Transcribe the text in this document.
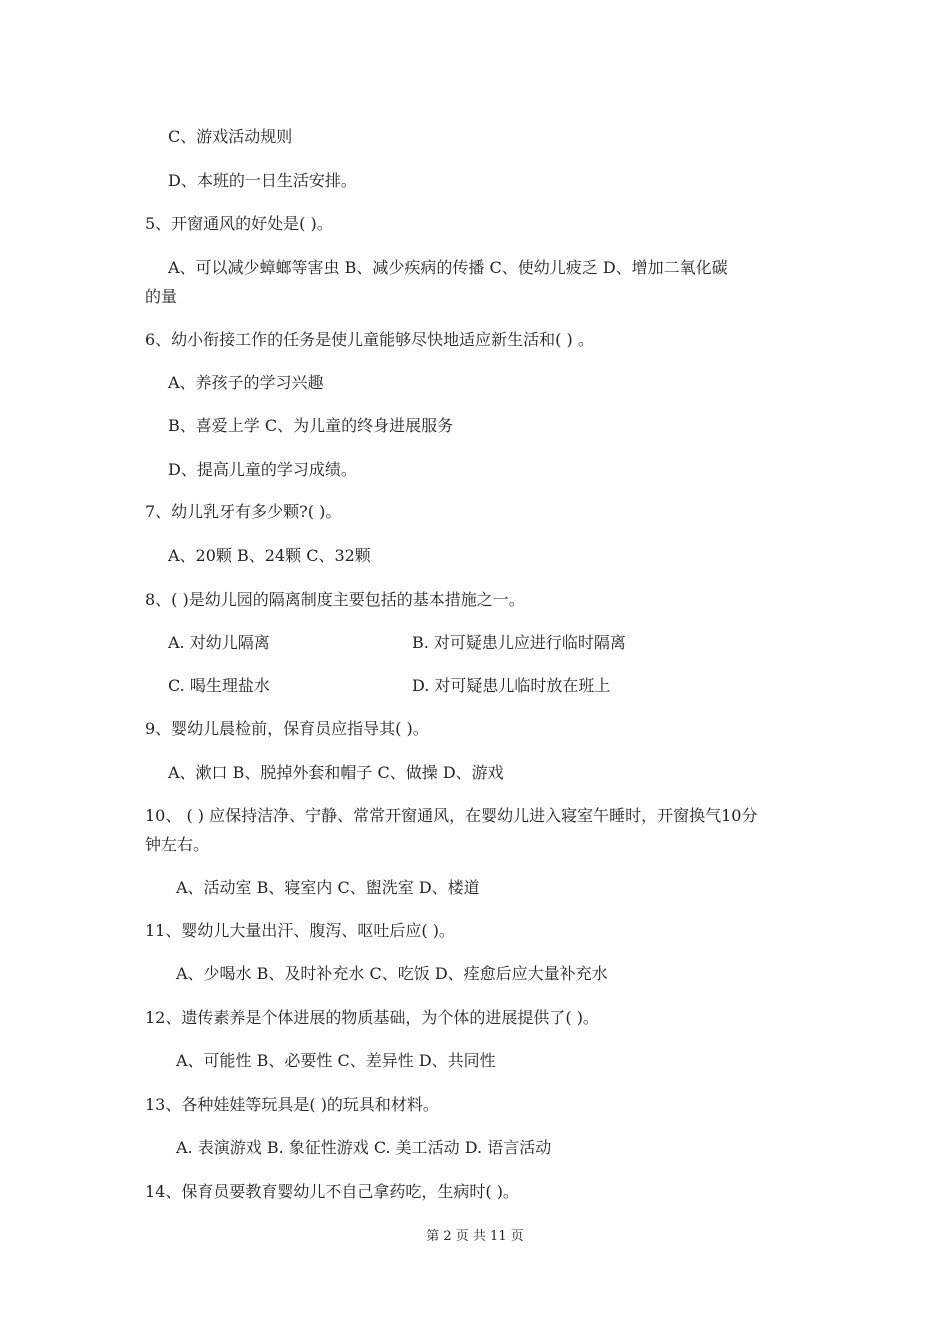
C、游戏活动规则
D、本班的一日生活安排。
5、开窗通风的好处是( )。
A、可以减少蟑螂等害虫 B、减少疾病的传播 C、使幼儿疲乏 D、增加二氧化碳
的量
6、幼小衔接工作的任务是使儿童能够尽快地适应新生活和( ) 。
A、养孩子的学习兴趣
B、喜爱上学 C、为儿童的终身进展服务
D、提高儿童的学习成绩。
7、幼儿乳牙有多少颗?( )。
A、20颗 B、24颗 C、32颗
8、( )是幼儿园的隔离制度主要包括的基本措施之一。
A. 对幼儿隔离	B. 对可疑患儿应进行临时隔离
C. 喝生理盐水	D. 对可疑患儿临时放在班上
9、婴幼儿晨检前，保育员应指导其( )。
A、漱口 B、脱掉外套和帽子 C、做操 D、游戏
10、 ( ) 应保持洁净、宁静、常常开窗通风，在婴幼儿进入寝室午睡时，开窗换气10分
钟左右。
A、活动室 B、寝室内 C、盥洗室 D、楼道
11、婴幼儿大量出汗、腹泻、呕吐后应( )。
A、少喝水 B、及时补充水 C、吃饭 D、痊愈后应大量补充水
12、遗传素养是个体进展的物质基础，为个体的进展提供了( )。
A、可能性 B、必要性 C、差异性 D、共同性
13、各种娃娃等玩具是( )的玩具和材料。
A. 表演游戏 B. 象征性游戏 C. 美工活动 D. 语言活动
14、保育员要教育婴幼儿不自己拿药吃，生病时( )。
第 2 页 共 11 页
